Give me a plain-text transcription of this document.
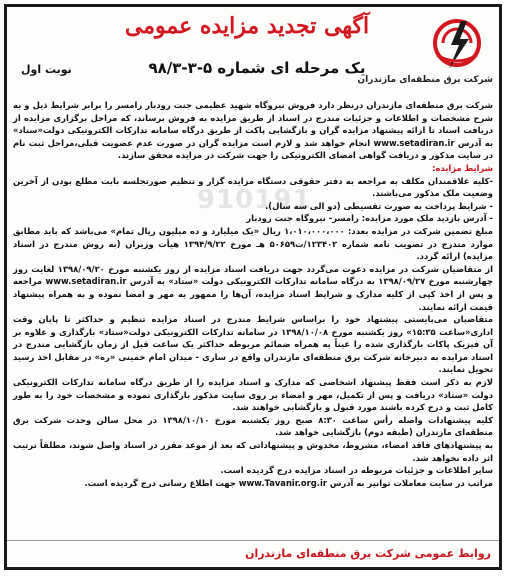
شرکت برق منطقه‌ای مازندران
آگهی تجدید مزایده عمومی
یک مرحله ای شماره ۵-۳-۹۸/۳
نوبت اول
910191

شرکت برق منطقه‌ای مازندران درنظر دارد فروش نیروگاه شهید عظیمی جنت رودبار رامسر را برابر شرایط ذیل و به شرح مشخصات و اطلاعات و جزئیات مندرج در اسناد از طریق مزایده به فروش برساند، که مراحل برگزاری مزایده از دریافت اسناد تا ارائه پیشنهاد مزایده گران و بازگشایی پاکت از طریق درگاه سامانه تدارکات الکترونیکی دولت«ستاد» به آدرس www.setadiran.ir انجام خواهد شد و لازم است مزایده گران در صورت عدم عضویت قبلی،مراحل ثبت نام در سایت مذکور و دریافت گواهی امضای الکترونیکی را جهت شرکت در مزایده محقق سازند.

شرایط مزایده:

-کلیه علاقمندان مکلف به مراجعه به دفتر حقوقی دستگاه مزایده گزار و تنظیم صورتجلسه بابت مطلع بودن از آخرین وضعیت ملک مذکور می‌باشند.

- شرایط پرداخت به صورت تقسیطی (دو الی سه سال).

- آدرس بازدید ملک مورد مزایده: رامسر- نیروگاه جنت رودبار

مبلغ تضمین شرکت در مزایده بعدد: ۱،۰۱۰،۰۰۰،۰۰۰ ریال «یک میلیارد و ده میلیون ریال تمام» می‌باشد که باید مطابق موارد مندرج در تصویب نامه شماره ۱۲۳۴۰۲/ت۵۰۶۵۹ هـ مورخ ۱۳۹۴/۹/۲۲ هیأت وزیران (به روش مندرج در اسناد مزایده) ارائه گردد.

از متقاضیان شرکت در مزایده دعوت می‌گردد جهت دریافت اسناد مزایده از روز یکشنبه مورخ ۱۳۹۸/۰۹/۲۰ لغایت روز چهارشنبه مورخ ۱۳۹۸/۰۹/۲۷ به درگاه سامانه تدارکات الکترونیکی دولت «ستاد» به آدرس www.setadiran.ir مراجعه و پس از اخذ کپی از کلیه مدارک و شرایط اسناد مزایده، آن‌ها را ممهور به مهر و امضا نموده و به همراه پیشنهاد قیمت ارائه نمایند.

متقاضیان می‌بایستی پیشنهاد خود را براساس شرایط مندرج در اسناد مزایده تنظیم و حداکثر تا پایان وقت اداری«ساعت ۱۵:۳۵» روز یکشنبه مورخ ۱۳۹۸/۱۰/۰۸ در سامانه تدارکات الکترونیکی دولت«ستاد» بارگذاری و علاوه بر آن فیزیک پاکات بارگذاری شده را عیناً به همراه ضمائم مربوطه حداکثر یک ساعت قبل از زمان بازگشایی مندرج در اسناد مزایده به دبیرخانه شرکت برق منطقه‌ای مازندران واقع در ساری - میدان امام خمینی «ره» در مقابل اخذ رسید تحویل نمایند.

لازم به ذکر است فقط پیشنهاد اشخاصی که مدارک و اسناد مزایده را از طریق درگاه سامانه تدارکات الکترونیکی دولت «ستاد» دریافت و پس از تکمیل، مهر و امضاء بر روی سایت مذکور بارگذاری نموده و مشخصات خود را به طور کامل ثبت و درج کرده باشند مورد قبول و بازگشایی خواهند شد.

کلیه پیشنهادات واصله رأس ساعت ۸:۳۰ صبح روز یکشنبه مورخ ۱۳۹۸/۱۰/۱۰ در محل سالن وحدت شرکت برق منطقه‌ای مازندران (طبقه دوم) بازگشایی خواهد شد.

به پیشنهادهای فاقد امضاء، مشروط، مخدوش و پیشنهاداتی که بعد از موعد مقرر در اسناد واصل شوند، مطلقاً ترتیب اثر داده نخواهد شد.

سایر اطلاعات و جزئیات مربوطه در اسناد مزایده درج گردیده است.

مراتب در سایت معاملات توانیر به آدرس www.Tavanir.org.ir جهت اطلاع رسانی درج گردیده است.

روابط عمومی شرکت برق منطقه‌ای مازندران
